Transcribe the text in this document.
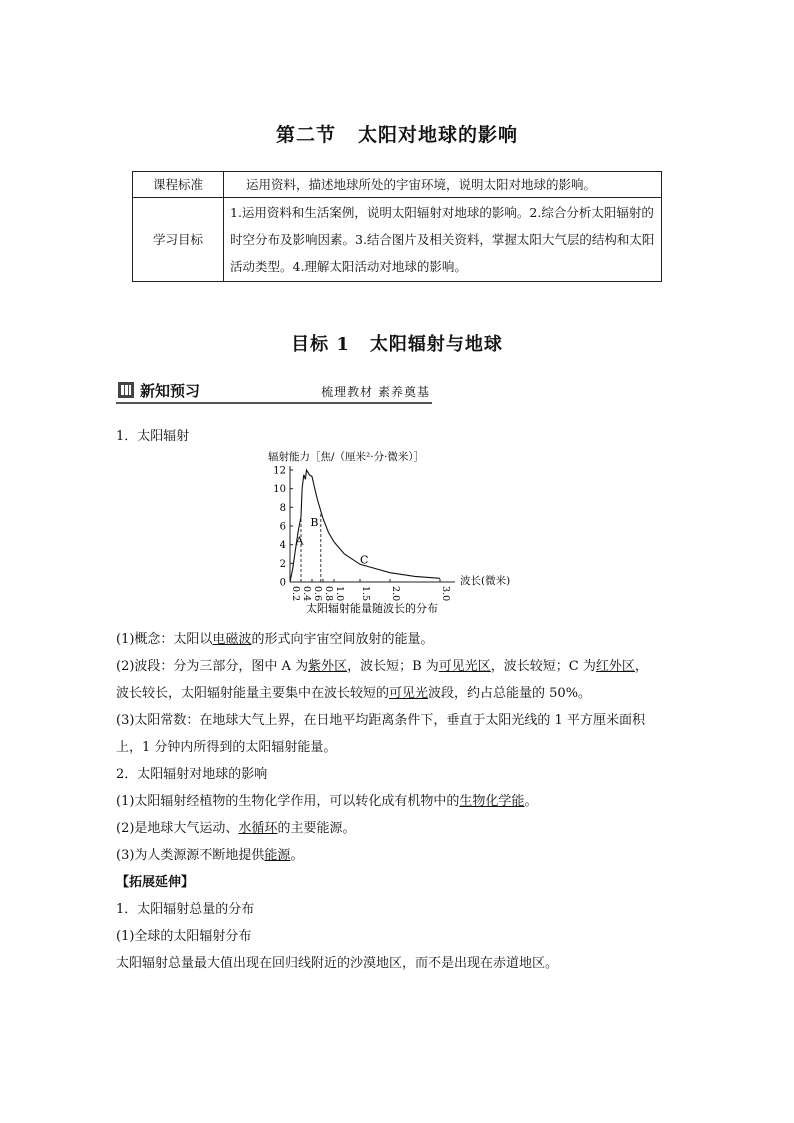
第二节 太阳对地球的影响
课程标准	运用资料，描述地球所处的宇宙环境，说明太阳对地球的影响。
学习目标	1.运用资料和生活案例，说明太阳辐射对地球的影响。2.综合分析太阳辐射的时空分布及影响因素。3.结合图片及相关资料，掌握太阳大气层的结构和太阳活动类型。4.理解太阳活动对地球的影响。
目标 1 太阳辐射与地球
新知预习	梳理教材 素养奠基
1．太阳辐射
辐射能力［焦/（厘米²·分·微米）］
0
2
4
6
8
10
12
0.2 0.4 0.6 0.8 1.0 1.5 2.0	3.0
波长(微米)
A
B
C
太阳辐射能量随波长的分布

(1)概念：太阳以电磁波的形式向宇宙空间放射的能量。

(2)波段：分为三部分，图中 A 为紫外区，波长短；B 为可见光区，波长较短；C 为红外区，
波长较长，太阳辐射能量主要集中在波长较短的可见光波段，约占总能量的 50%。

(3)太阳常数：在地球大气上界，在日地平均距离条件下，垂直于太阳光线的 1 平方厘米面积
上，1 分钟内所得到的太阳辐射能量。

2．太阳辐射对地球的影响

(1)太阳辐射经植物的生物化学作用，可以转化成有机物中的生物化学能。

(2)是地球大气运动、水循环的主要能源。

(3)为人类源源不断地提供能源。

【拓展延伸】

1．太阳辐射总量的分布

(1)全球的太阳辐射分布

太阳辐射总量最大值出现在回归线附近的沙漠地区，而不是出现在赤道地区。
